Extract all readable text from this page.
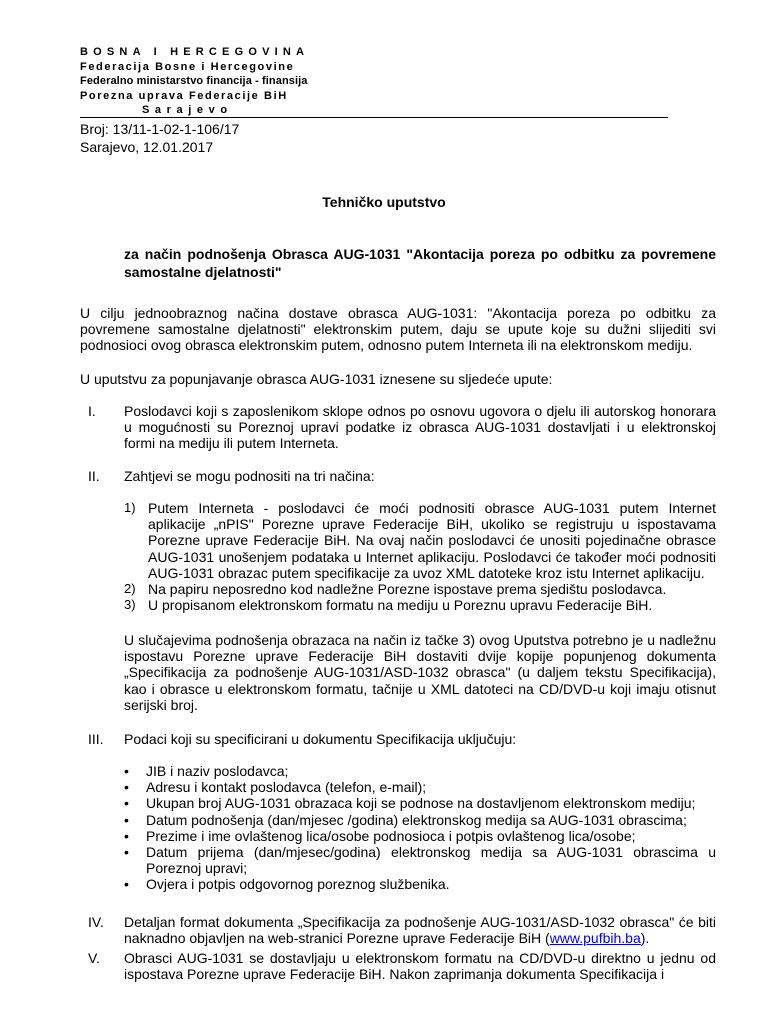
BOSNA I HERCEGOVINA
Federacija Bosne i Hercegovine
Federalno ministarstvo financija - finansija
Porezna uprava Federacije BiH
Sarajevo
Broj: 13/11-1-02-1-106/17
Sarajevo, 12.01.2017
Tehničko uputstvo
za način podnošenja Obrasca AUG-1031 "Akontacija poreza po odbitku za povremene samostalne djelatnosti"
U cilju jednoobraznog načina dostave obrasca AUG-1031: "Akontacija poreza po odbitku za povremene samostalne djelatnosti" elektronskim putem, daju se upute koje su dužni slijediti svi podnosioci ovog obrasca elektronskim putem, odnosno putem Interneta ili na elektronskom mediju.
U uputstvu za popunjavanje obrasca AUG-1031 iznesene su sljedeće upute:
I. Poslodavci koji s zaposlenikom sklope odnos po osnovu ugovora o djelu ili autorskog honorara u mogućnosti su Poreznoj upravi podatke iz obrasca AUG-1031 dostavljati i u elektronskoj formi na mediju ili putem Interneta.
II. Zahtjevi se mogu podnositi na tri načina:
1) Putem Interneta - poslodavci će moći podnositi obrasce AUG-1031 putem Internet aplikacije „nPIS" Porezne uprave Federacije BiH, ukoliko se registruju u ispostavama Porezne uprave Federacije BiH. Na ovaj način poslodavci će unositi pojedinačne obrasce AUG-1031 unošenjem podataka u Internet aplikaciju. Poslodavci će također moći podnositi AUG-1031 obrazac putem specifikacije za uvoz XML datoteke kroz istu Internet aplikaciju.
2) Na papiru neposredno kod nadležne Porezne ispostave prema sjedištu poslodavca.
3) U propisanom elektronskom formatu na mediju u Poreznu upravu Federacije BiH.
U slučajevima podnošenja obrazaca na način iz tačke 3) ovog Uputstva potrebno je u nadležnu ispostavu Porezne uprave Federacije BiH dostaviti dvije kopije popunjenog dokumenta „Specifikacija za podnošenje AUG-1031/ASD-1032 obrasca" (u daljem tekstu Specifikacija), kao i obrasce u elektronskom formatu, tačnije u XML datoteci na CD/DVD-u koji imaju otisnut serijski broj.
III. Podaci koji su specificirani u dokumentu Specifikacija uključuju:
•	JIB i naziv poslodavca;
•	Adresu i kontakt poslodavca (telefon, e-mail);
•	Ukupan broj AUG-1031 obrazaca koji se podnose na dostavljenom elektronskom mediju;
•	Datum podnošenja (dan/mjesec /godina) elektronskog medija sa AUG-1031 obrascima;
•	Prezime i ime ovlaštenog lica/osobe podnosioca i potpis ovlaštenog lica/osobe;
•	Datum prijema (dan/mjesec/godina) elektronskog medija sa AUG-1031 obrascima u Poreznoj upravi;
•	Ovjera i potpis odgovornog poreznog službenika.
IV. Detaljan format dokumenta „Specifikacija za podnošenje AUG-1031/ASD-1032 obrasca" će biti naknadno objavljen na web-stranici Porezne uprave Federacije BiH (www.pufbih.ba).
V. Obrasci AUG-1031 se dostavljaju u elektronskom formatu na CD/DVD-u direktno u jednu od ispostava Porezne uprave Federacije BiH. Nakon zaprimanja dokumenta Specifikacija i
